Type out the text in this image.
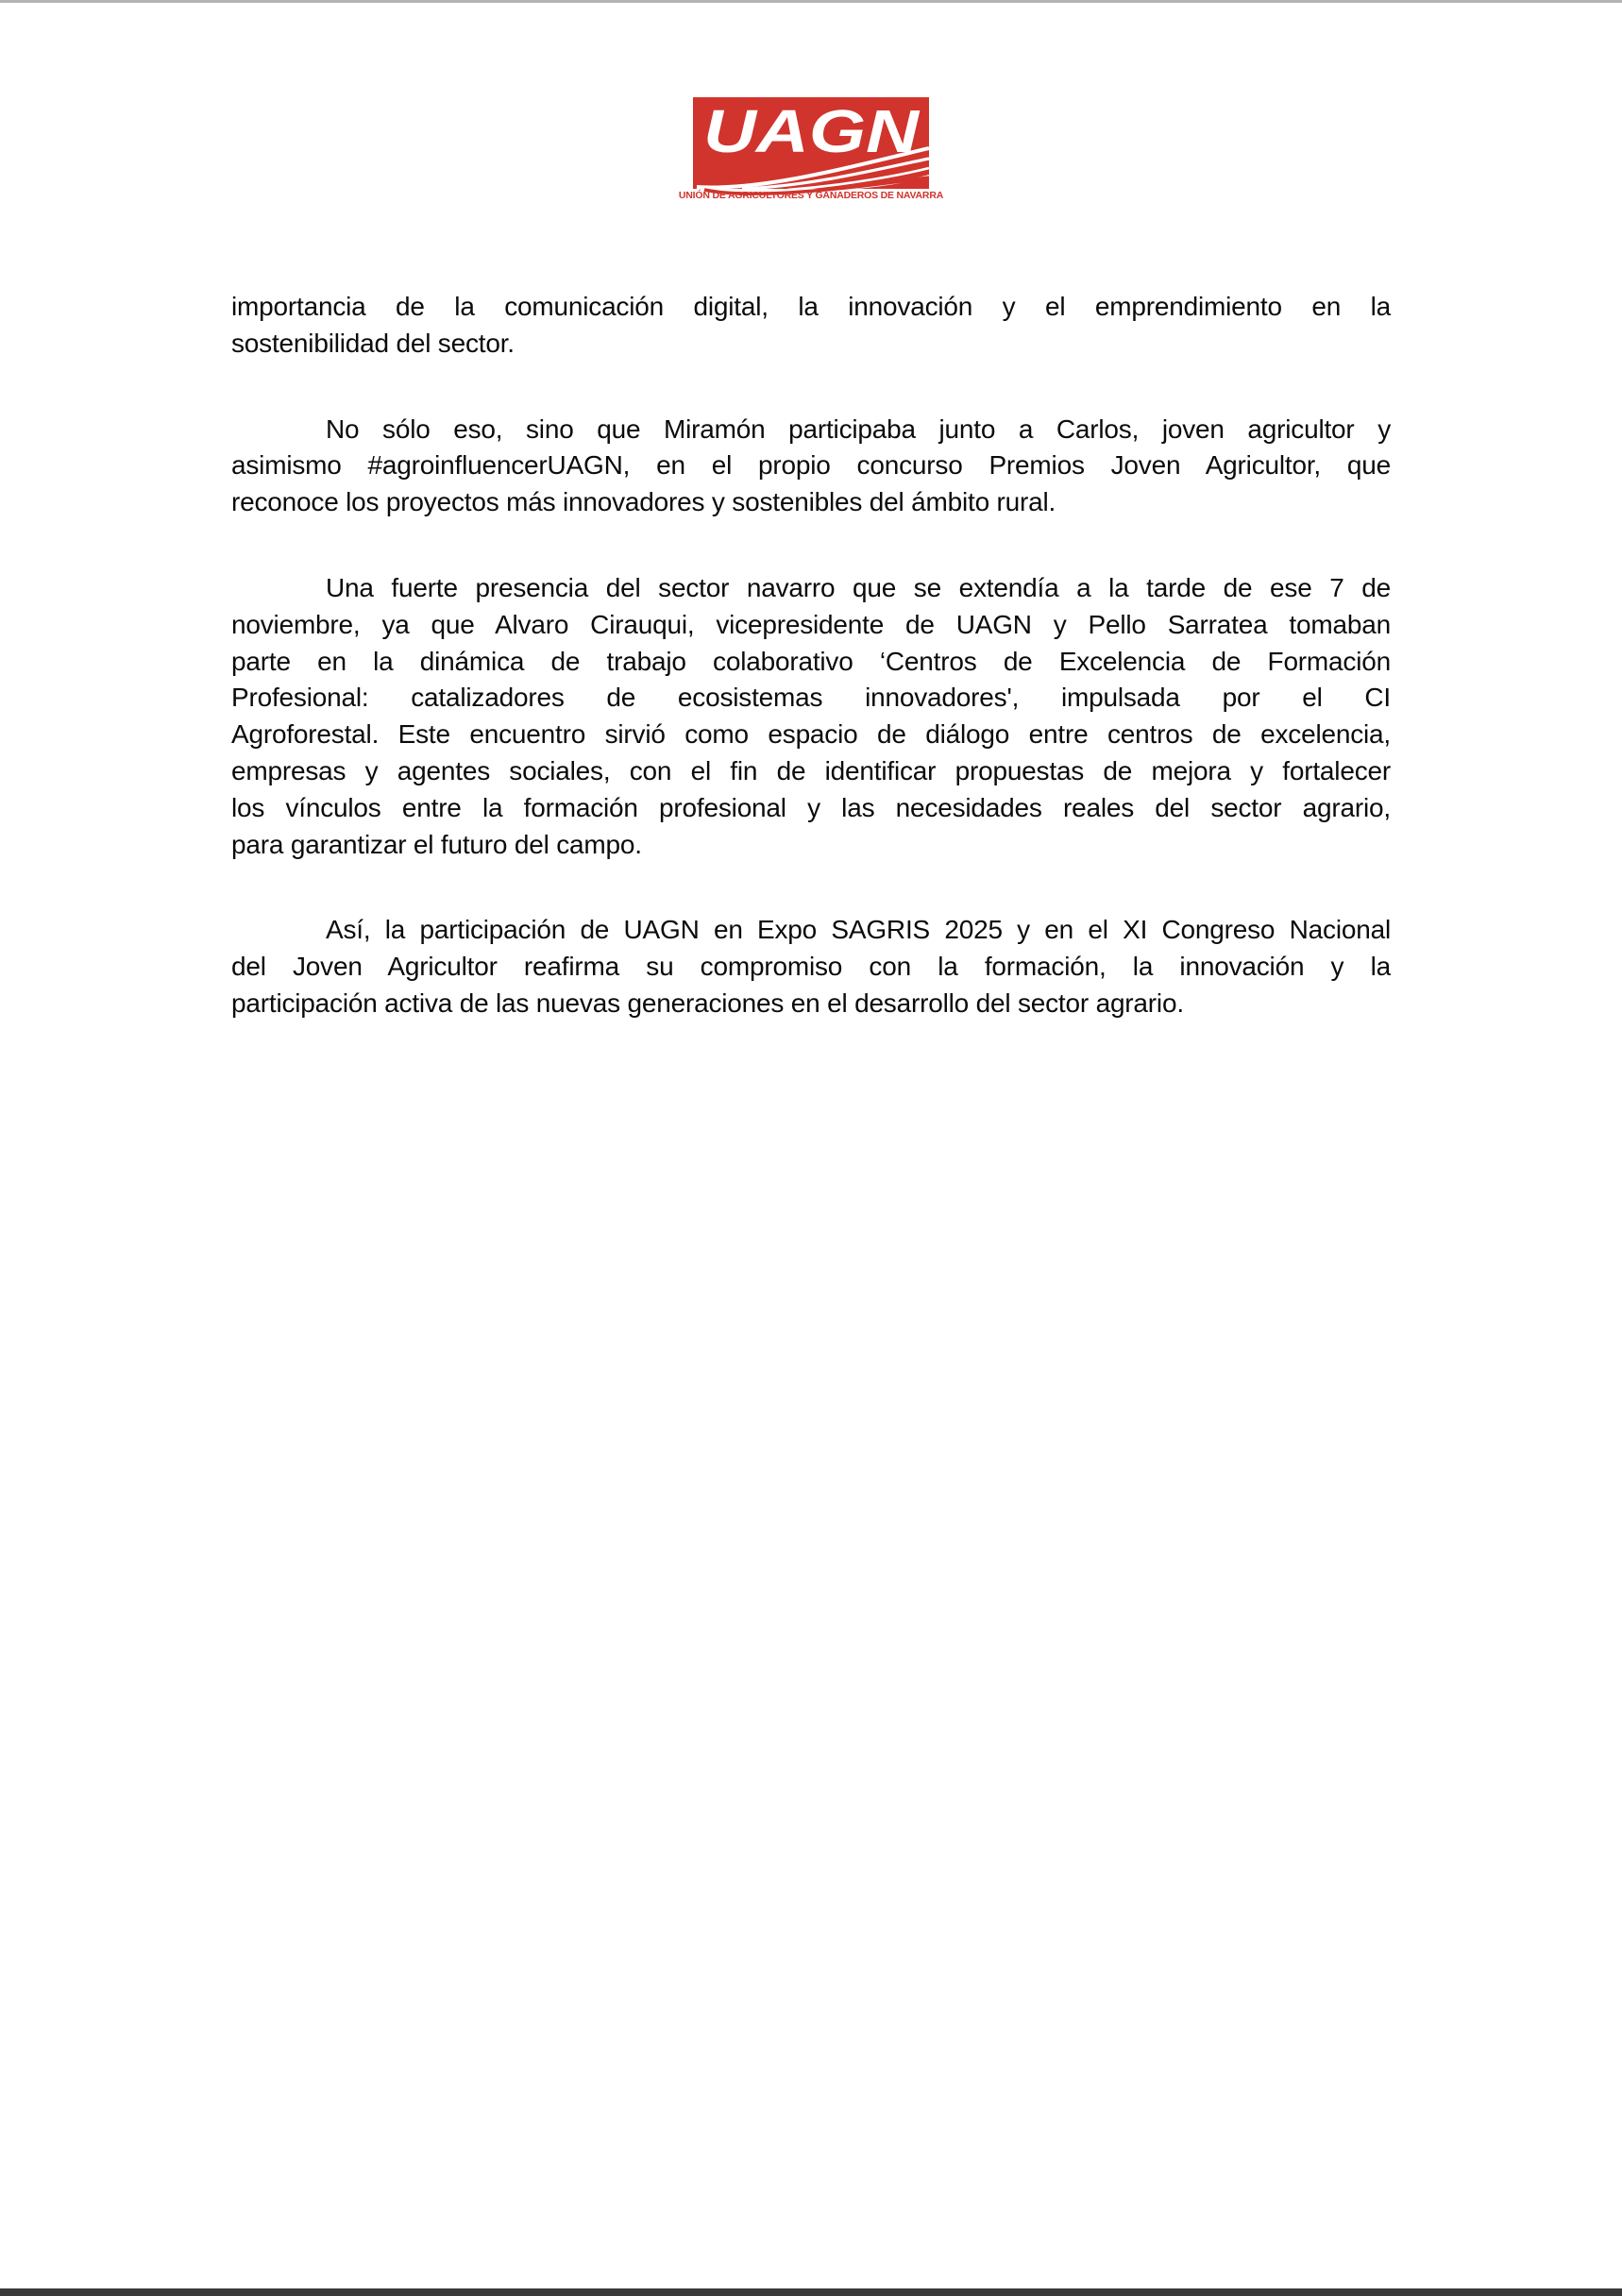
UAGN
UNIÓN DE AGRICULTORES Y GANADEROS DE NAVARRA
importancia de la comunicación digital, la innovación y el emprendimiento en la
sostenibilidad del sector.
No sólo eso, sino que Miramón participaba junto a Carlos, joven agricultor y
asimismo #agroinfluencerUAGN, en el propio concurso Premios Joven Agricultor, que
reconoce los proyectos más innovadores y sostenibles del ámbito rural.
Una fuerte presencia del sector navarro que se extendía a la tarde de ese 7 de
noviembre, ya que Alvaro Cirauqui, vicepresidente de UAGN y Pello Sarratea tomaban
parte en la dinámica de trabajo colaborativo ‘Centros de Excelencia de Formación
Profesional: catalizadores de ecosistemas innovadores', impulsada por el CI
Agroforestal. Este encuentro sirvió como espacio de diálogo entre centros de excelencia,
empresas y agentes sociales, con el fin de identificar propuestas de mejora y fortalecer
los vínculos entre la formación profesional y las necesidades reales del sector agrario,
para garantizar el futuro del campo.
Así, la participación de UAGN en Expo SAGRIS 2025 y en el XI Congreso Nacional
del Joven Agricultor reafirma su compromiso con la formación, la innovación y la
participación activa de las nuevas generaciones en el desarrollo del sector agrario.
